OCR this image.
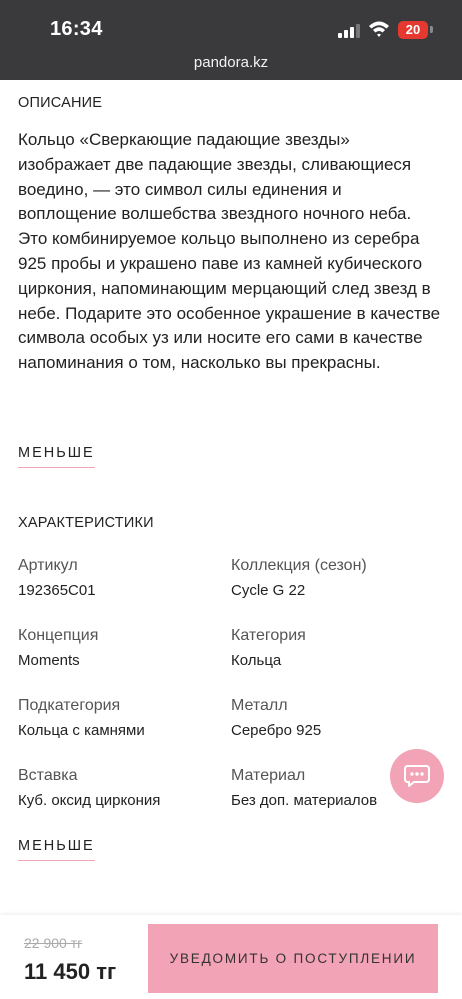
16:34	20
pandora.kz
ОПИСАНИЕ
Кольцо «Сверкающие падающие звезды» изображает две падающие звезды, сливающиеся воедино, — это символ силы единения и воплощение волшебства звездного ночного неба. Это комбинируемое кольцо выполнено из серебра 925 пробы и украшено паве из камней кубического циркония, напоминающим мерцающий след звезд в небе. Подарите это особенное украшение в качестве символа особых уз или носите его сами в качестве напоминания о том, насколько вы прекрасны.
МЕНЬШЕ
ХАРАКТЕРИСТИКИ
Артикул
192365C01
Коллекция (сезон)
Cycle G 22
Концепция
Moments
Категория
Кольца
Подкатегория
Кольца с камнями
Металл
Серебро 925
Вставка
Куб. оксид циркония
Материал
Без доп. материалов
МЕНЬШЕ
22 900 тг
11 450 тг
УВЕДОМИТЬ О ПОСТУПЛЕНИИ
